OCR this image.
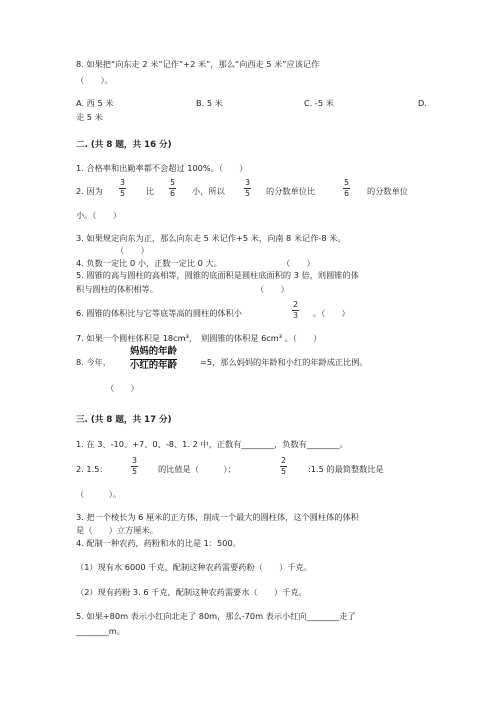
8. 如果把“向东走 2 米”记作“+2 米”，那么“向西走 5 米”应该记作
（　　）。
A. 西 5 米	B. 5 米	C. -5 米	D.
走 5 米
二. (共 8 题，共 16 分)
1. 合格率和出勤率都不会超过 100%。（　　）
2. 因为
3
5	比
5
6 小，所以
3
5 的分数单位比
5
6 的分数单位
小。（　　）
3. 如果规定向东为正，那么向东走 5 米记作+5 米，向南 8 米记作-8 米。
（　　）
4. 负数一定比 0 小，正数一定比 0 大。	（　　）
5. 圆锥的高与圆柱的高相等，圆锥的底面积是圆柱底面积的 3 倍，则圆锥的体
积与圆柱的体积相等。	（　　）
6. 圆锥的体积比与它等底等高的圆柱的体积小
2
3 。（　　）
7. 如果一个圆柱体积是 18cm³，　则圆锥的体积是 6cm³ 。（　　）
8. 今年，
妈妈的年龄
小红的年龄	=5，那么妈妈的年龄和小红的年龄成正比例。
（　　）
三. (共 8 题，共 17 分)
1. 在 3、-10、+7、0、-8、1. 2 中，正数有________，负数有________。
2. 1.5：
3
5	的比值是（　　　）；
2
5	:1.5 的最简整数比是
（　　　）。
3. 把一个棱长为 6 厘米的正方体，削成一个最大的圆柱体，这个圆柱体的体积
是（　　）立方厘米。
4. 配制一种农药，药粉和水的比是 1：500。
（1）现有水 6000 千克，配制这种农药需要药粉（　　）千克。
（2）现有药粉 3. 6 千克，配制这种农药需要水（　　）千克。
5. 如果+80m 表示小红向北走了 80m，那么-70m 表示小红向________走了
________m。
